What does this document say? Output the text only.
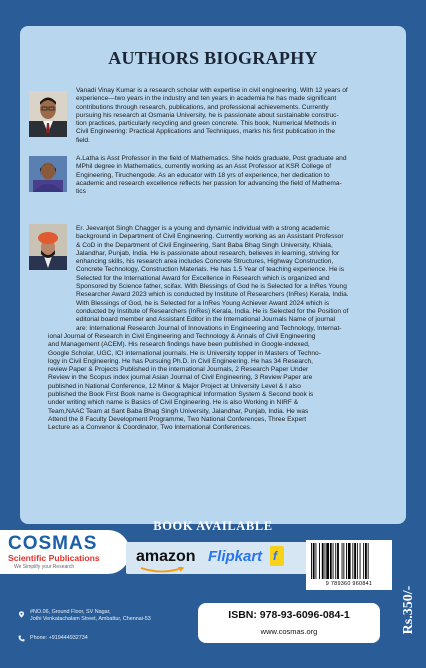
AUTHORS BIOGRAPHY
Vanadi Vinay Kumar is a research scholar with expertise in civil engineering. With 12 years of
experience—two years in the industry and ten years in academia he has made significant
contributions through research, publications, and professional achievements. Currently
pursuing his research at Osmania University, he is passionate about sustainable construc-
tion practices, particularly recycling and green concrete. This book, Numerical Methods in
Civil Engineering: Practical Applications and Techniques, marks his first publication in the
field.
A.Latha is Asst Professor in the field of Mathematics. She holds graduate, Post graduate and
MPhil degree in Mathematics, currently working as an Asst Professor at KSR College of
Engineering, Tiruchengode. As an educator with 18 yrs of experience, her dedication to
academic and research excellence reflects her passion for advancing the field of Mathema-
tics
Er. Jeevanjot Singh Chagger is a young and dynamic individual with a strong academic
background in Department of Civil Engineering. Currently working as an Assistant Professor
& CoD in the Department of Civil Engineering, Sant Baba Bhag Singh University, Khiala,
Jalandhar, Punjab, India. He is passionate about research, believes in learning, striving for
enhancing skills, his research area includes Concrete Structures, Highway Construction,
Concrete Technology, Construction Materials. He has 1.5 Year of teaching experience. He is
Selected for the International Award for Excellence in Research which is organized and
Sponsored by Science father, scifax. With Blessings of God he is Selected for a InRes Young
Researcher Award 2023 which is conducted by Institute of Researchers (InRes) Kerala, India.
With Blessings of God, he is Selected for a InRes Young Achiever Award 2024 which is
conducted by Institute of Researchers (InRes) Kerala, India. He is Selected for the Position of
editorial board member and Assistant Editor in the International Journals Name of journal
are: International Research Journal of Innovations in Engineering and Technology, Internat-
ional Journal of Research in Civil Engineering and Technology & Annals of Civil Engineering
and Management (ACEM). His research findings have been published in Google-indexed,
Google Scholar, UGC, ICI international journals. He is University topper in Masters of Techno-
logy in Civil Engineering. He has Pursuing Ph.D. in Civil Engineering. He has 34 Research,
review Paper & Projects Published in the international Journals, 2 Research Paper Under
Review in the Scopus index journal Asian Journal of Civil Engineering, 3 Review Paper are
published in National Conference, 12 Minor & Major Project at University Level & I also
published the Book First Book name is Geographical Information System & Second book is
under writing which name is Basics of Civil Engineering. He is also Working in NIRF &
Team,NAAC Team at Sant Baba Bhag Singh University, Jalandhar, Punjab, India. He was
Attend the 8 Faculty Development Programme, Two National Conferences, Three Expert
Lecture as a Convenor & Coordinator, Two International Conferences.
BOOK AVAILABLE
COSMAS
Scientific Publications
We Simplify your Research
amazon Flipkart f
9 789360 960841
Rs.350/-
#NO.06, Ground Floor, SV Nagar,
Jothi Venkatachalam Street, Ambattur, Chennai-53
Phone: +919444932734
ISBN: 978-93-6096-084-1
www.cosmas.org
